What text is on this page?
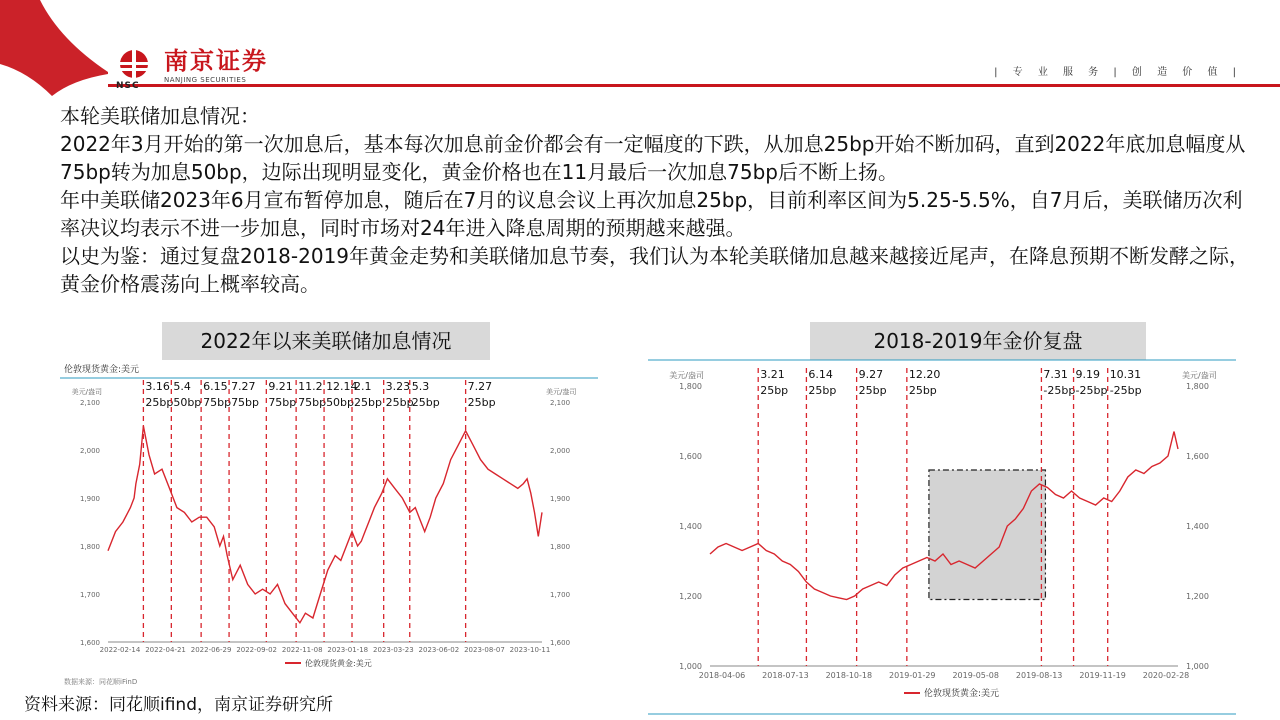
南京证券
NANJING SECURITIES
NSC
| 专 业 服 务 | 创 造 价 值 |

本轮美联储加息情况：

2022年3月开始的第一次加息后，基本每次加息前金价都会有一定幅度的下跌，从加息25bp开始不断加码，直到2022年底加息幅度从75bp转为加息50bp，边际出现明显变化，黄金价格也在11月最后一次加息75bp后不断上扬。

年中美联储2023年6月宣布暂停加息，随后在7月的议息会议上再次加息25bp，目前利率区间为5.25-5.5%，自7月后，美联储历次利率决议均表示不进一步加息，同时市场对24年进入降息周期的预期越来越强。

以史为鉴：通过复盘2018-2019年黄金走势和美联储加息节奏，我们认为本轮美联储加息越来越接近尾声，在降息预期不断发酵之际，黄金价格震荡向上概率较高。

2022年以来美联储加息情况	2018-2019年金价复盘
伦敦现货黄金:美元
美元/盎司	美元/盎司
1,600	1,600
1,700	1,700
1,800	1,800
1,900	1,900
2,000	2,000
2,100	2,100
2022-02-14 2022-04-21 2022-06-29 2022-09-02 2022-11-08 2023-01-18 2023-03-23 2023-06-02 2023-08-07 2023-10-11
3.16
25bp
5.4
50bp
6.15
75bp
7.27
75bp
9.21
75bp
11.2
75bp
12.14
50bp
2.1
25bp
3.23
25bp
5.3
25bp
7.27
25bp
伦敦现货黄金:美元
数据来源：同花顺iFinD
美元/盎司	美元/盎司
1,000	1,000
1,200	1,200
1,400	1,400
1,600	1,600
1,800	1,800
2018-04-06 2018-07-13 2018-10-18 2019-01-29 2019-05-08 2019-08-13 2019-11-19 2020-02-28
3.21
25bp
6.14
25bp
9.27
25bp
12.20
25bp
7.31
-25bp
9.19
-25bp
10.31
-25bp
伦敦现货黄金:美元
资料来源：同花顺ifind，南京证券研究所
